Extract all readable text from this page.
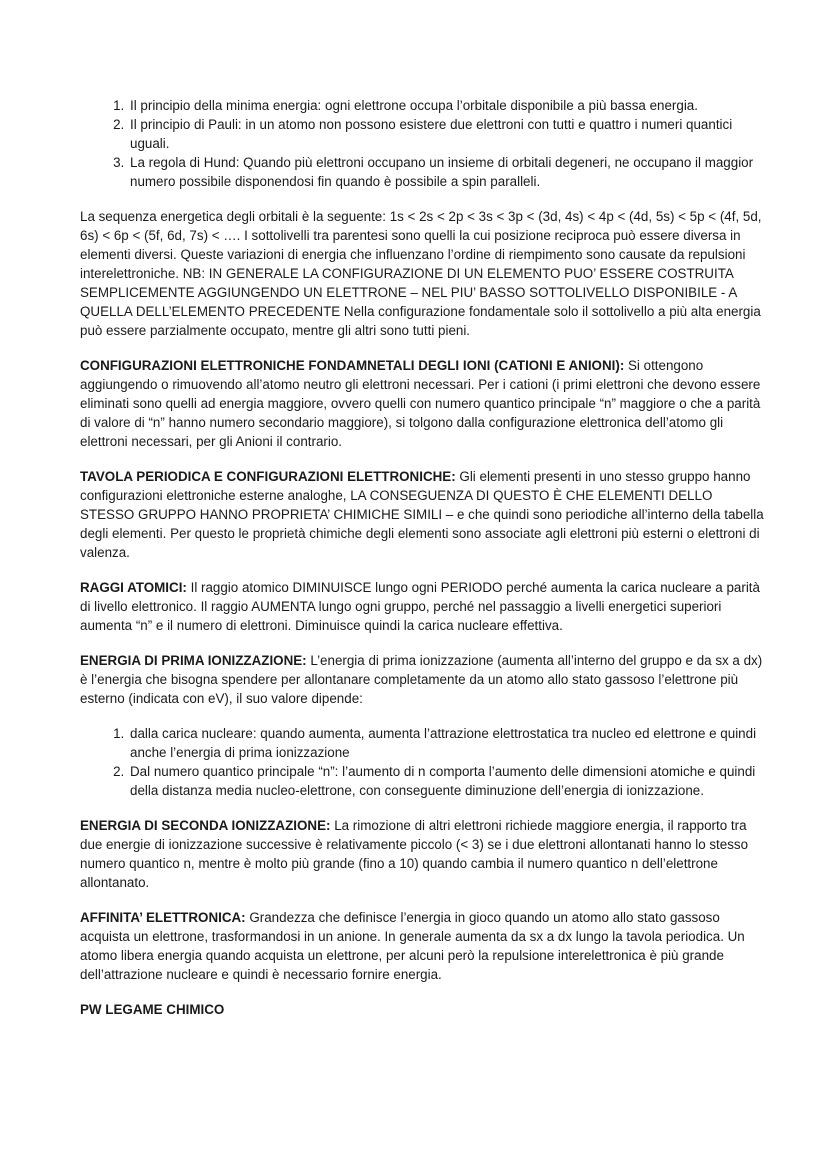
1. Il principio della minima energia: ogni elettrone occupa l’orbitale disponibile a più bassa energia.
2. Il principio di Pauli: in un atomo non possono esistere due elettroni con tutti e quattro i numeri quantici uguali.
3. La regola di Hund: Quando più elettroni occupano un insieme di orbitali degeneri, ne occupano il maggior numero possibile disponendosi fin quando è possibile a spin paralleli.

La sequenza energetica degli orbitali è la seguente: 1s < 2s < 2p < 3s < 3p < (3d, 4s) < 4p < (4d, 5s) < 5p < (4f, 5d, 6s) < 6p < (5f, 6d, 7s) < …. I sottolivelli tra parentesi sono quelli la cui posizione reciproca può essere diversa in elementi diversi. Queste variazioni di energia che influenzano l’ordine di riempimento sono causate da repulsioni interelettroniche. NB: IN GENERALE LA CONFIGURAZIONE DI UN ELEMENTO PUO’ ESSERE COSTRUITA SEMPLICEMENTE AGGIUNGENDO UN ELETTRONE – NEL PIU’ BASSO SOTTOLIVELLO DISPONIBILE - A QUELLA DELL’ELEMENTO PRECEDENTE Nella configurazione fondamentale solo il sottolivello a più alta energia può essere parzialmente occupato, mentre gli altri sono tutti pieni.

CONFIGURAZIONI ELETTRONICHE FONDAMNETALI DEGLI IONI (CATIONI E ANIONI): Si ottengono aggiungendo o rimuovendo all’atomo neutro gli elettroni necessari. Per i cationi (i primi elettroni che devono essere eliminati sono quelli ad energia maggiore, ovvero quelli con numero quantico principale “n” maggiore o che a parità di valore di “n” hanno numero secondario maggiore), si tolgono dalla configurazione elettronica dell’atomo gli elettroni necessari, per gli Anioni il contrario.

TAVOLA PERIODICA E CONFIGURAZIONI ELETTRONICHE: Gli elementi presenti in uno stesso gruppo hanno configurazioni elettroniche esterne analoghe, LA CONSEGUENZA DI QUESTO È CHE ELEMENTI DELLO STESSO GRUPPO HANNO PROPRIETA’ CHIMICHE SIMILI – e che quindi sono periodiche all’interno della tabella degli elementi. Per questo le proprietà chimiche degli elementi sono associate agli elettroni più esterni o elettroni di valenza.

RAGGI ATOMICI: Il raggio atomico DIMINUISCE lungo ogni PERIODO perché aumenta la carica nucleare a parità di livello elettronico. Il raggio AUMENTA lungo ogni gruppo, perché nel passaggio a livelli energetici superiori aumenta “n” e il numero di elettroni. Diminuisce quindi la carica nucleare effettiva.

ENERGIA DI PRIMA IONIZZAZIONE: L’energia di prima ionizzazione (aumenta all’interno del gruppo e da sx a dx) è l’energia che bisogna spendere per allontanare completamente da un atomo allo stato gassoso l’elettrone più esterno (indicata con eV), il suo valore dipende:

1. dalla carica nucleare: quando aumenta, aumenta l’attrazione elettrostatica tra nucleo ed elettrone e quindi anche l’energia di prima ionizzazione
2. Dal numero quantico principale “n”: l’aumento di n comporta l’aumento delle dimensioni atomiche e quindi della distanza media nucleo-elettrone, con conseguente diminuzione dell’energia di ionizzazione.

ENERGIA DI SECONDA IONIZZAZIONE: La rimozione di altri elettroni richiede maggiore energia, il rapporto tra due energie di ionizzazione successive è relativamente piccolo (< 3) se i due elettroni allontanati hanno lo stesso numero quantico n, mentre è molto più grande (fino a 10) quando cambia il numero quantico n dell’elettrone allontanato.

AFFINITA’ ELETTRONICA: Grandezza che definisce l’energia in gioco quando un atomo allo stato gassoso acquista un elettrone, trasformandosi in un anione. In generale aumenta da sx a dx lungo la tavola periodica. Un atomo libera energia quando acquista un elettrone, per alcuni però la repulsione interelettronica è più grande dell’attrazione nucleare e quindi è necessario fornire energia.

PW LEGAME CHIMICO
